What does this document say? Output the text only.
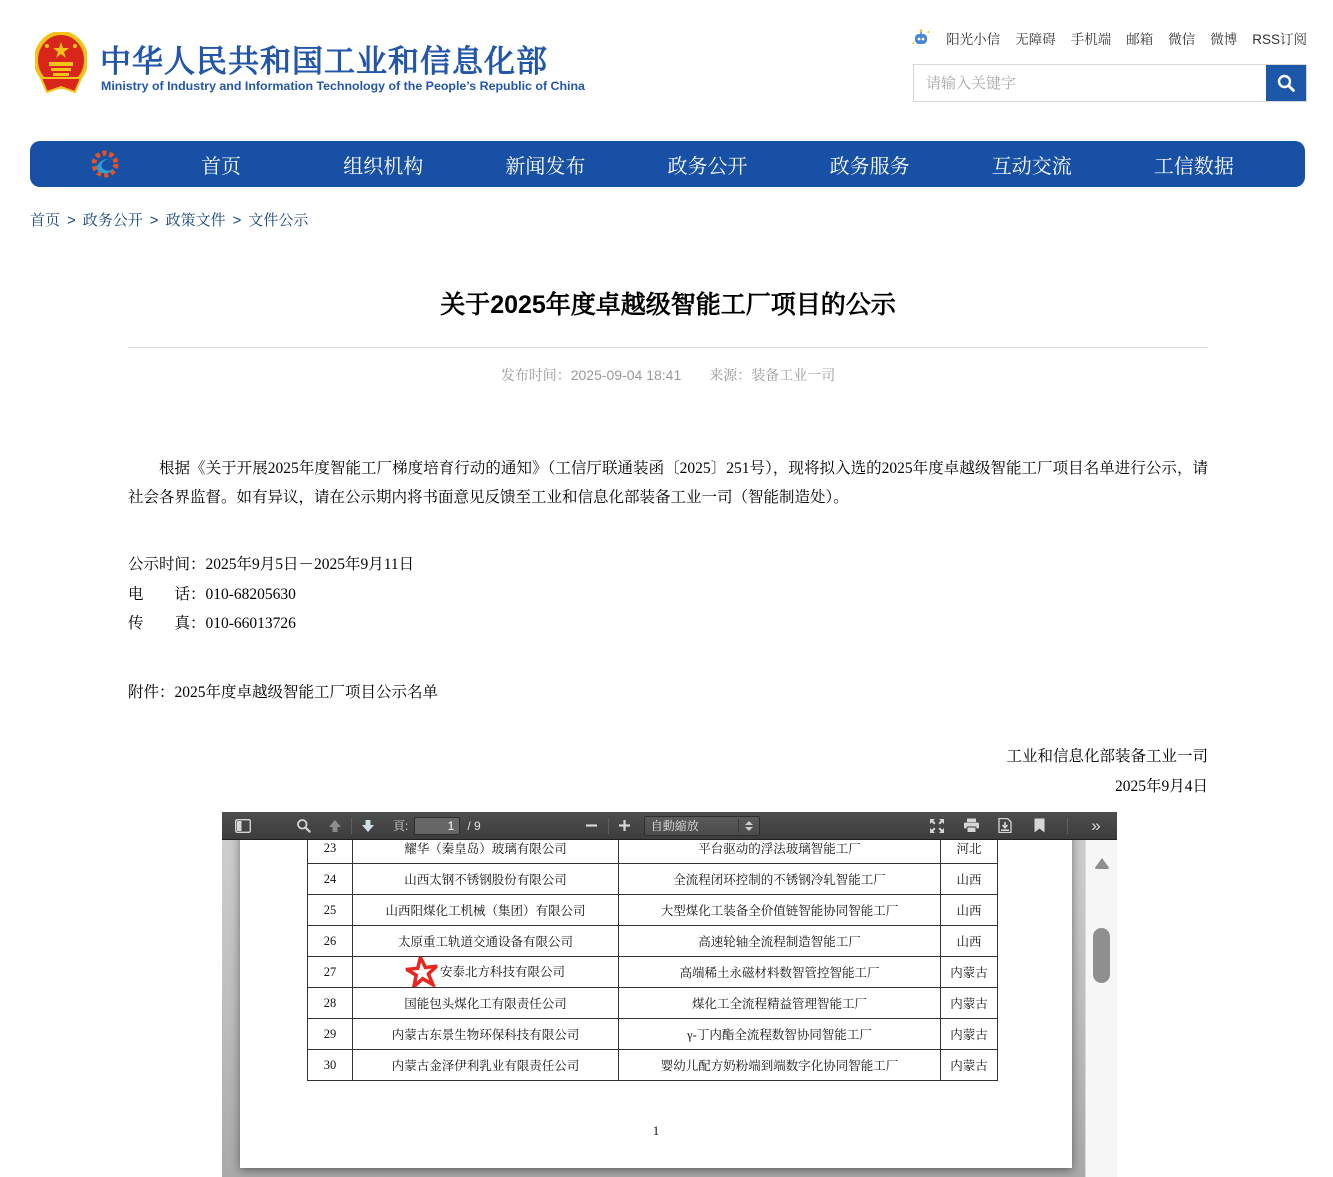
中华人民共和国工业和信息化部
Ministry of Industry and Information Technology of the People’s Republic of China
阳光小信 无障碍 手机端 邮箱 微信 微博 RSS订阅
请输入关键字
首页	组织机构	新闻发布	政务公开	政务服务	互动交流	工信数据
首页 > 政务公开 > 政策文件 > 文件公示
关于2025年度卓越级智能工厂项目的公示
发布时间：2025-09-04 18:41 来源：装备工业一司

根据《关于开展2025年度智能工厂梯度培育行动的通知》（工信厅联通装函〔2025〕251号），现将拟入选的2025年度卓越级智能工厂项目名单进行公示，请社会各界监督。如有异议，请在公示期内将书面意见反馈至工业和信息化部装备工业一司（智能制造处）。

公示时间：2025年9月5日－2025年9月11日
电　　话：010-68205630
传　　真：010-66013726
附件：2025年度卓越级智能工厂项目公示名单
工业和信息化部装备工业一司
2025年9月4日
頁:
1	/ 9	自動縮放	»
23	耀华（秦皇岛）玻璃有限公司	平台驱动的浮法玻璃智能工厂	河北
24	山西太钢不锈钢股份有限公司	全流程闭环控制的不锈钢冷轧智能工厂	山西
25	山西阳煤化工机械（集团）有限公司	大型煤化工装备全价值链智能协同智能工厂	山西
26	太原重工轨道交通设备有限公司	高速轮轴全流程制造智能工厂	山西
27	安泰北方科技有限公司	高端稀土永磁材料数智管控智能工厂	内蒙古
28	国能包头煤化工有限责任公司	煤化工全流程精益管理智能工厂	内蒙古
29	内蒙古东景生物环保科技有限公司	γ-丁内酯全流程数智协同智能工厂	内蒙古
30	内蒙古金泽伊利乳业有限责任公司	婴幼儿配方奶粉端到端数字化协同智能工厂	内蒙古
1
